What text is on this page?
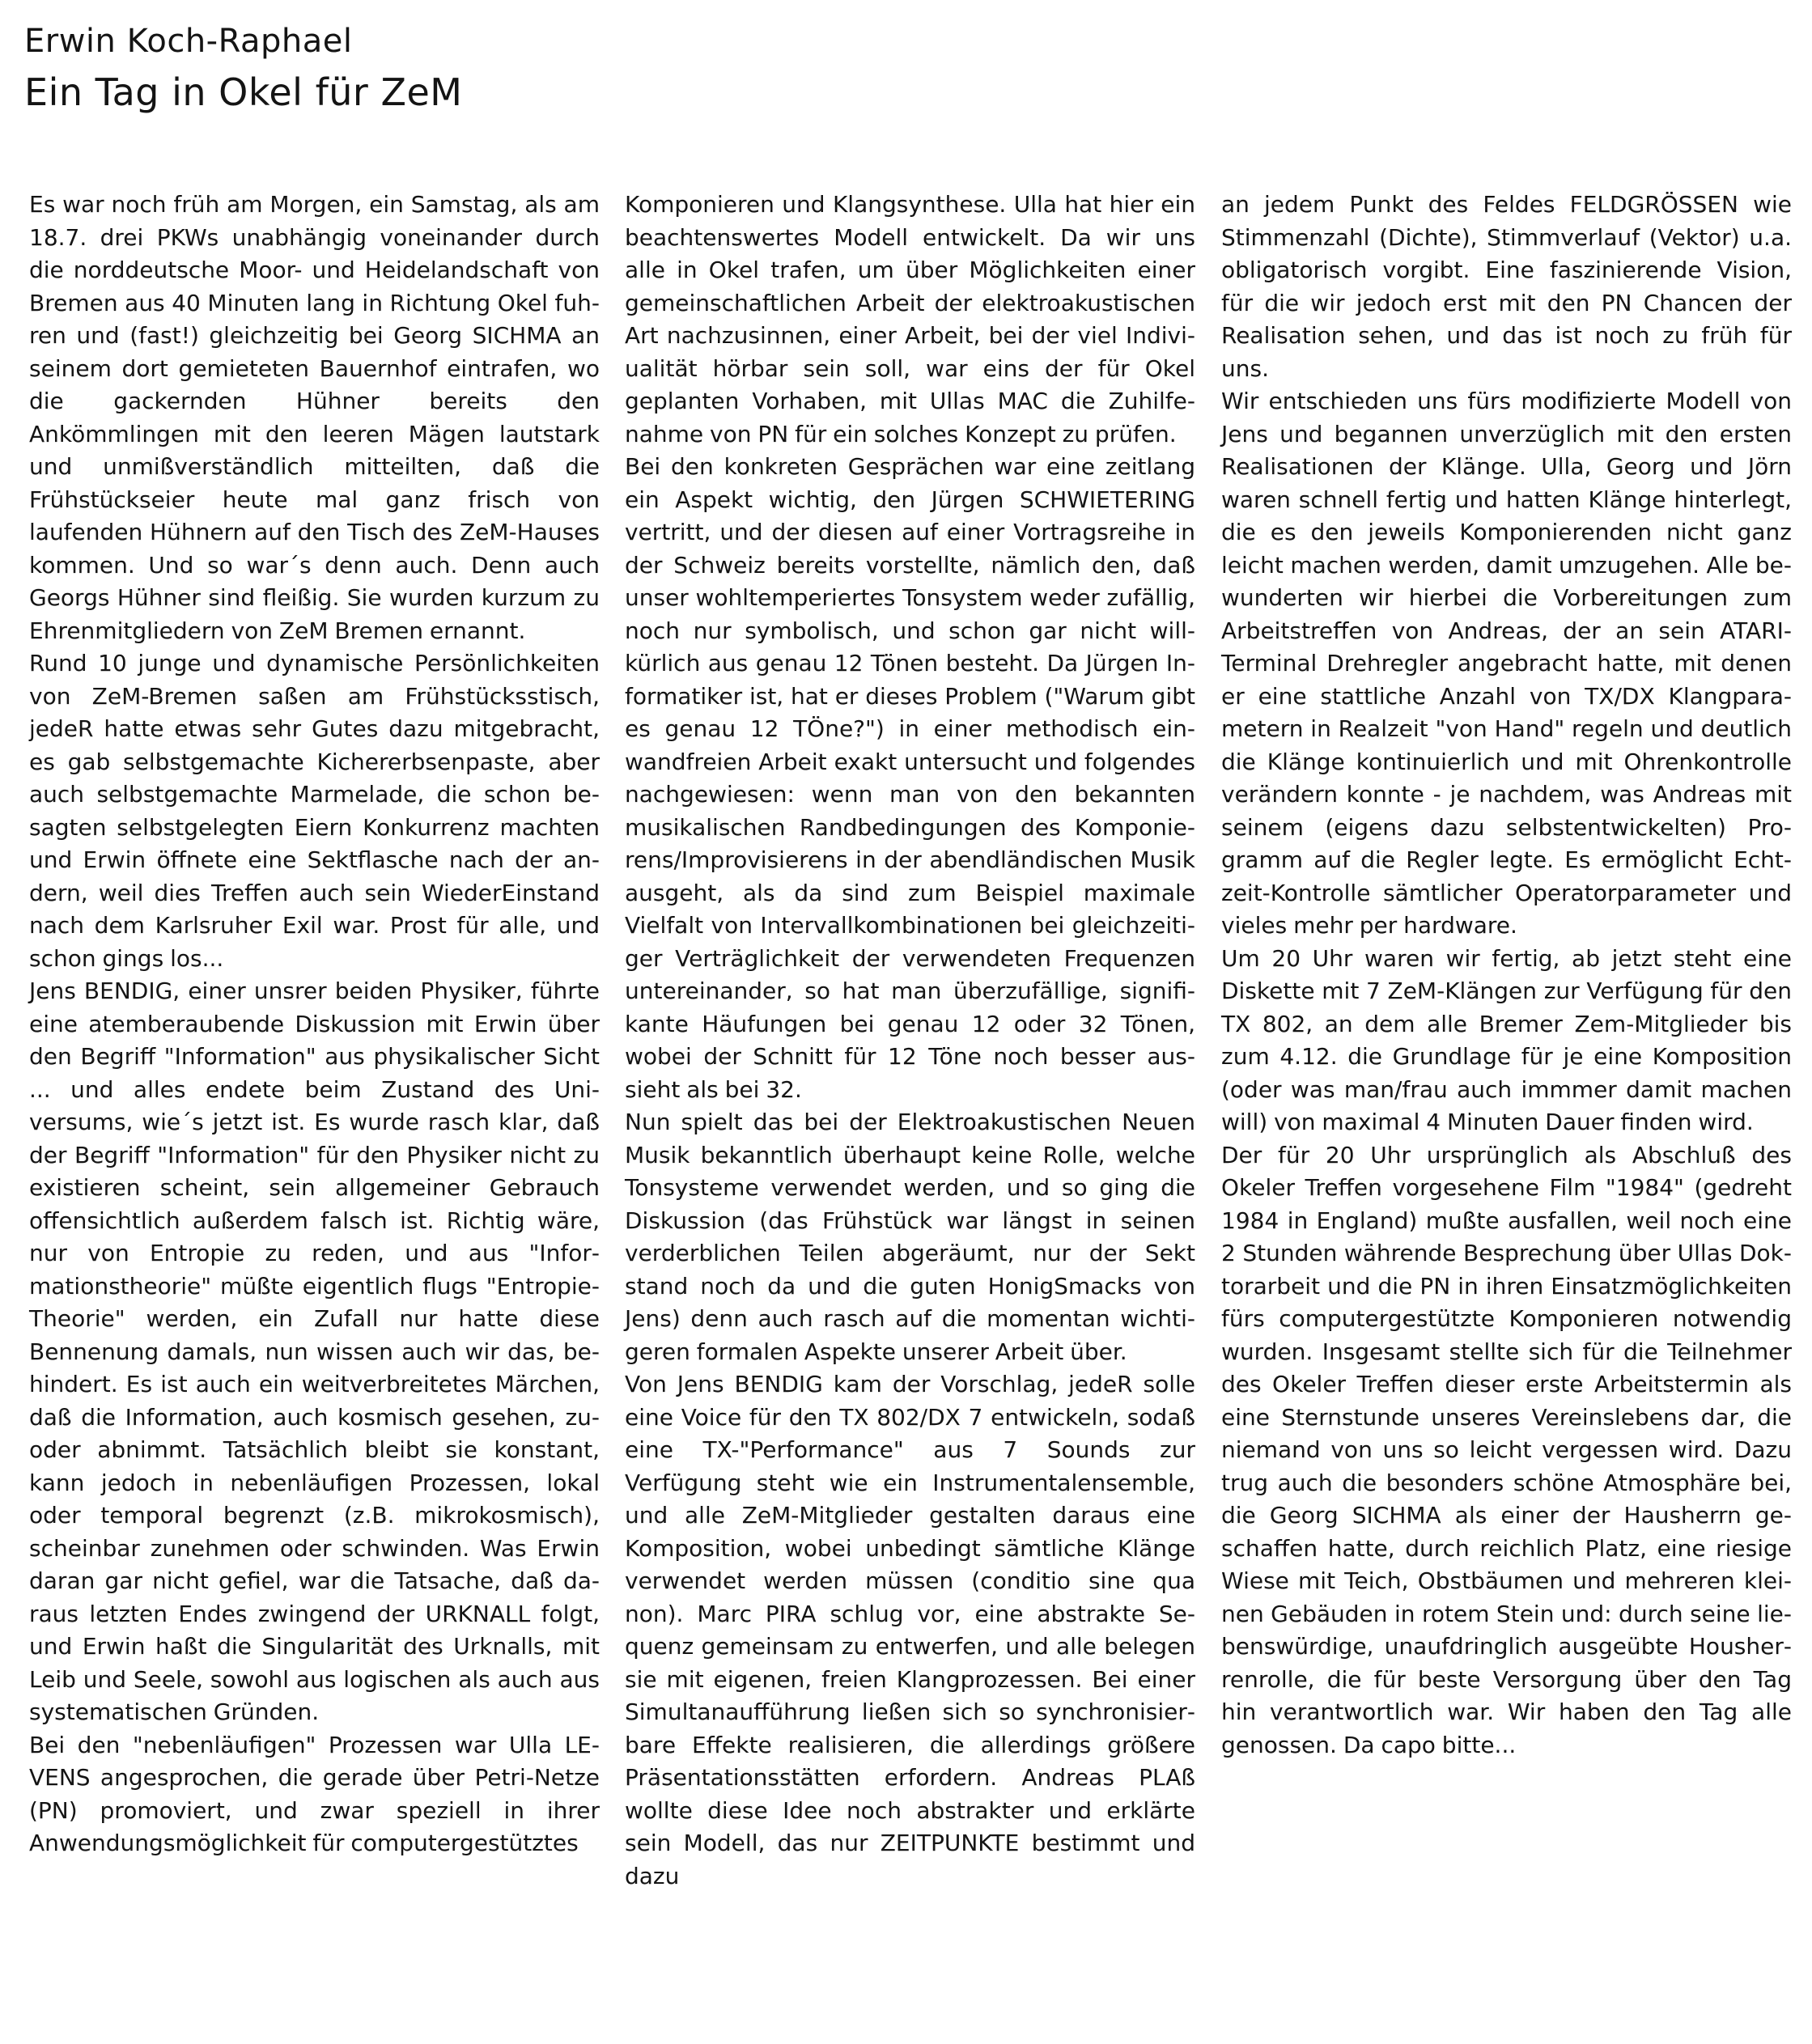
Erwin Koch-Raphael
Ein Tag in Okel für ZeM

Es war noch früh am Morgen, ein Samstag, als am 18.7. drei PKWs unabhängig voneinander durch die norddeutsche Moor- und Heidelandschaft von Bremen aus 40 Minuten lang in Richtung Okel fuhren und (fast!) gleichzeitig bei Georg SICHMA an seinem dort gemieteten Bauernhof eintrafen, wo die gackernden Hühner bereits den Ankömmlingen mit den leeren Mägen lautstark und unmißverständlich mitteilten, daß die Frühstückseier heute mal ganz frisch von laufenden Hühnern auf den Tisch des ZeM-Hauses kommen. Und so war´s denn auch. Denn auch Georgs Hühner sind fleißig. Sie wurden kurzum zu Ehrenmitgliedern von ZeM Bremen ernannt.

Rund 10 junge und dynamische Persönlichkeiten von ZeM-Bremen saßen am Frühstücksstisch, jedeR hatte etwas sehr Gutes dazu mitgebracht, es gab selbstgemachte Kichererbsenpaste, aber auch selbstgemachte Marmelade, die schon besagten selbstgelegten Eiern Konkurrenz machten und Erwin öffnete eine Sektflasche nach der andern, weil dies Treffen auch sein WiederEinstand nach dem Karlsruher Exil war. Prost für alle, und schon gings los...

Jens BENDIG, einer unsrer beiden Physiker, führte eine atemberaubende Diskussion mit Erwin über den Begriff "Information" aus physikalischer Sicht ... und alles endete beim Zustand des Universums, wie´s jetzt ist. Es wurde rasch klar, daß der Begriff "Information" für den Physiker nicht zu existieren scheint, sein allgemeiner Gebrauch offensichtlich außerdem falsch ist. Richtig wäre, nur von Entropie zu reden, und aus "Informationstheorie" müßte eigentlich flugs "Entropie-Theorie" werden, ein Zufall nur hatte diese Bennenung damals, nun wissen auch wir das, behindert. Es ist auch ein weitverbreitetes Märchen, daß die Information, auch kosmisch gesehen, zu- oder abnimmt. Tatsächlich bleibt sie konstant, kann jedoch in nebenläufigen Prozessen, lokal oder temporal begrenzt (z.B. mikrokosmisch), scheinbar zunehmen oder schwinden. Was Erwin daran gar nicht gefiel, war die Tatsache, daß daraus letzten Endes zwingend der URKNALL folgt, und Erwin haßt die Singularität des Urknalls, mit Leib und Seele, sowohl aus logischen als auch aus systematischen Gründen.

Bei den "nebenläufigen" Prozessen war Ulla LEVENS angesprochen, die gerade über Petri-Netze (PN) promoviert, und zwar speziell in ihrer Anwendungsmöglichkeit für computergestütztes

Komponieren und Klangsynthese. Ulla hat hier ein beachtenswertes Modell entwickelt. Da wir uns alle in Okel trafen, um über Möglichkeiten einer gemeinschaftlichen Arbeit der elektroakustischen Art nachzusinnen, einer Arbeit, bei der viel Indiviualität hörbar sein soll, war eins der für Okel geplanten Vorhaben, mit Ullas MAC die Zuhilfenahme von PN für ein solches Konzept zu prüfen.

Bei den konkreten Gesprächen war eine zeitlang ein Aspekt wichtig, den Jürgen SCHWIETERING vertritt, und der diesen auf einer Vortragsreihe in der Schweiz bereits vorstellte, nämlich den, daß unser wohltemperiertes Tonsystem weder zufällig, noch nur symbolisch, und schon gar nicht willkürlich aus genau 12 Tönen besteht. Da Jürgen Informatiker ist, hat er dieses Problem ("Warum gibt es genau 12 TÖne?") in einer methodisch einwandfreien Arbeit exakt untersucht und folgendes nachgewiesen: wenn man von den bekannten musikalischen Randbedingungen des Komponierens/Improvisierens in der abendländischen Musik ausgeht, als da sind zum Beispiel maximale Vielfalt von Intervallkombinationen bei gleichzeitiger Verträglichkeit der verwendeten Frequenzen untereinander, so hat man überzufällige, signifikante Häufungen bei genau 12 oder 32 Tönen, wobei der Schnitt für 12 Töne noch besser aussieht als bei 32.

Nun spielt das bei der Elektroakustischen Neuen Musik bekanntlich überhaupt keine Rolle, welche Tonsysteme verwendet werden, und so ging die Diskussion (das Frühstück war längst in seinen verderblichen Teilen abgeräumt, nur der Sekt stand noch da und die guten HonigSmacks von Jens) denn auch rasch auf die momentan wichtigeren formalen Aspekte unserer Arbeit über.

Von Jens BENDIG kam der Vorschlag, jedeR solle eine Voice für den TX 802/DX 7 entwickeln, sodaß eine TX-"Performance" aus 7 Sounds zur Verfügung steht wie ein Instrumentalensemble, und alle ZeM-Mitglieder gestalten daraus eine Komposition, wobei unbedingt sämtliche Klänge verwendet werden müssen (conditio sine qua non). Marc PIRA schlug vor, eine abstrakte Sequenz gemeinsam zu entwerfen, und alle belegen sie mit eigenen, freien Klangprozessen. Bei einer Simultanaufführung ließen sich so synchronisierbare Effekte realisieren, die allerdings größere Präsentationsstätten erfordern. Andreas PLAß wollte diese Idee noch abstrakter und erklärte sein Modell, das nur ZEITPUNKTE bestimmt und dazu

an jedem Punkt des Feldes FELDGRÖSSEN wie Stimmenzahl (Dichte), Stimmverlauf (Vektor) u.a. obligatorisch vorgibt. Eine faszinierende Vision, für die wir jedoch erst mit den PN Chancen der Realisation sehen, und das ist noch zu früh für uns.

Wir entschieden uns fürs modifizierte Modell von Jens und begannen unverzüglich mit den ersten Realisationen der Klänge. Ulla, Georg und Jörn waren schnell fertig und hatten Klänge hinterlegt, die es den jeweils Komponierenden nicht ganz leicht machen werden, damit umzugehen. Alle bewunderten wir hierbei die Vorbereitungen zum Arbeitstreffen von Andreas, der an sein ATARI-Terminal Drehregler angebracht hatte, mit denen er eine stattliche Anzahl von TX/DX Klangparametern in Realzeit "von Hand" regeln und deutlich die Klänge kontinuierlich und mit Ohrenkontrolle verändern konnte - je nachdem, was Andreas mit seinem (eigens dazu selbstentwickelten) Programm auf die Regler legte. Es ermöglicht Echtzeit-Kontrolle sämtlicher Operatorparameter und vieles mehr per hardware.

Um 20 Uhr waren wir fertig, ab jetzt steht eine Diskette mit 7 ZeM-Klängen zur Verfügung für den TX 802, an dem alle Bremer Zem-Mitglieder bis zum 4.12. die Grundlage für je eine Komposition (oder was man/frau auch immmer damit machen will) von maximal 4 Minuten Dauer finden wird.

Der für 20 Uhr ursprünglich als Abschluß des Okeler Treffen vorgesehene Film "1984" (gedreht 1984 in England) mußte ausfallen, weil noch eine 2 Stunden währende Besprechung über Ullas Doktorarbeit und die PN in ihren Einsatzmöglichkeiten fürs computergestützte Komponieren notwendig wurden. Insgesamt stellte sich für die Teilnehmer des Okeler Treffen dieser erste Arbeitstermin als eine Sternstunde unseres Vereinslebens dar, die niemand von uns so leicht vergessen wird. Dazu trug auch die besonders schöne Atmosphäre bei, die Georg SICHMA als einer der Hausherrn geschaffen hatte, durch reichlich Platz, eine riesige Wiese mit Teich, Obstbäumen und mehreren kleinen Gebäuden in rotem Stein und: durch seine liebenswürdige, unaufdringlich ausgeübte Housherrenrolle, die für beste Versorgung über den Tag hin verantwortlich war. Wir haben den Tag alle genossen. Da capo bitte...
